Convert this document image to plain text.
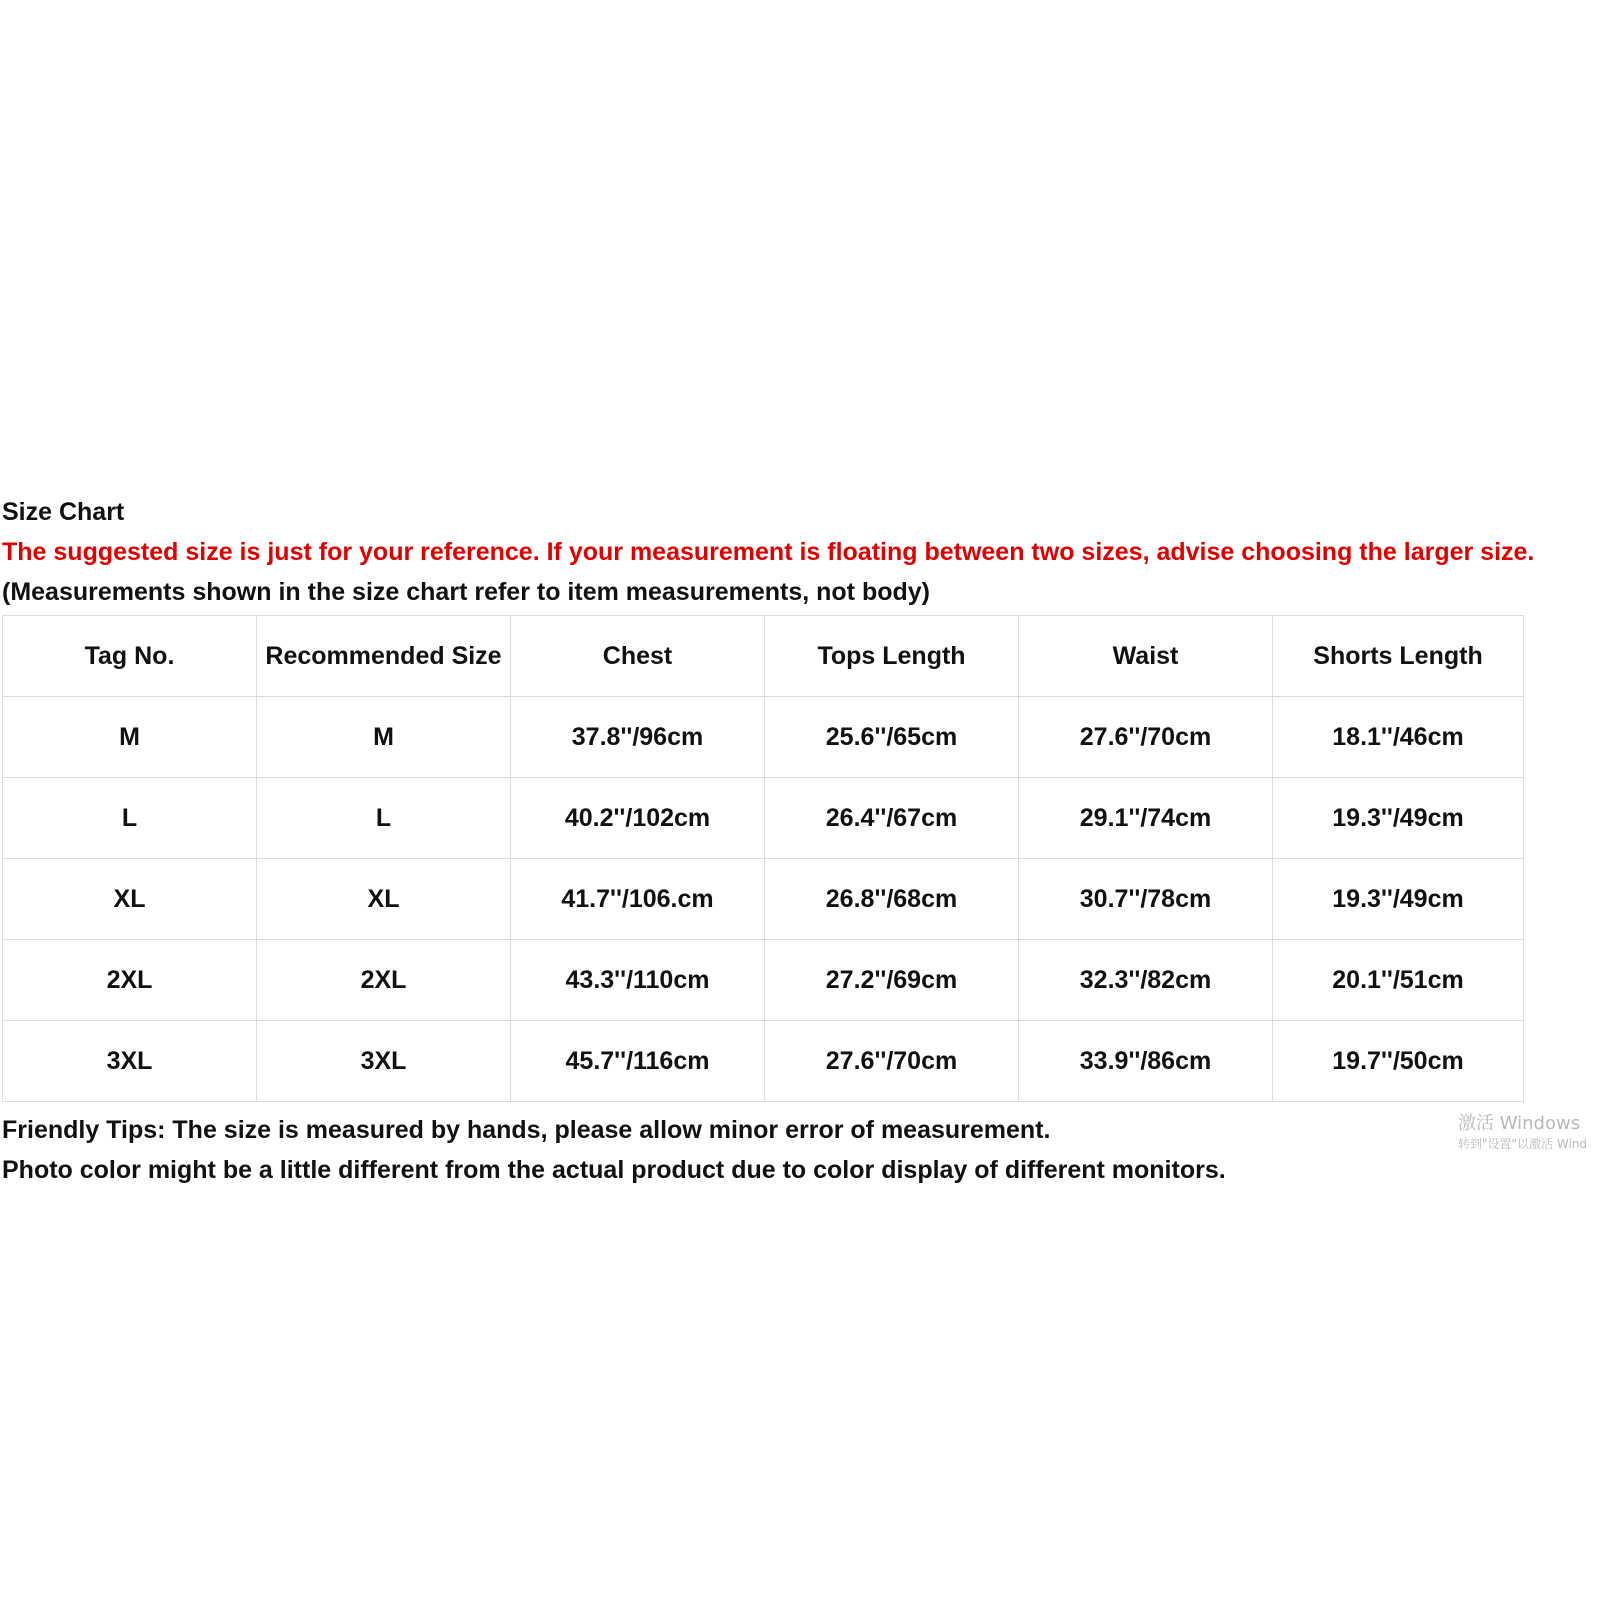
Size Chart
The suggested size is just for your reference. If your measurement is floating between two sizes, advise choosing the larger size.
(Measurements shown in the size chart refer to item measurements, not body)
Tag No.	Recommended Size	Chest	Tops Length	Waist	Shorts Length
M	M	37.8''/96cm	25.6''/65cm	27.6''/70cm	18.1''/46cm
L	L	40.2''/102cm	26.4''/67cm	29.1''/74cm	19.3''/49cm
XL	XL	41.7''/106.cm	26.8''/68cm	30.7''/78cm	19.3''/49cm
2XL	2XL	43.3''/110cm	27.2''/69cm	32.3''/82cm	20.1''/51cm
3XL	3XL	45.7''/116cm	27.6''/70cm	33.9''/86cm	19.7''/50cm
Friendly Tips: The size is measured by hands, please allow minor error of measurement.
Photo color might be a little different from the actual product due to color display of different monitors.
激活 Windows
转到"设置"以激活 Wind
